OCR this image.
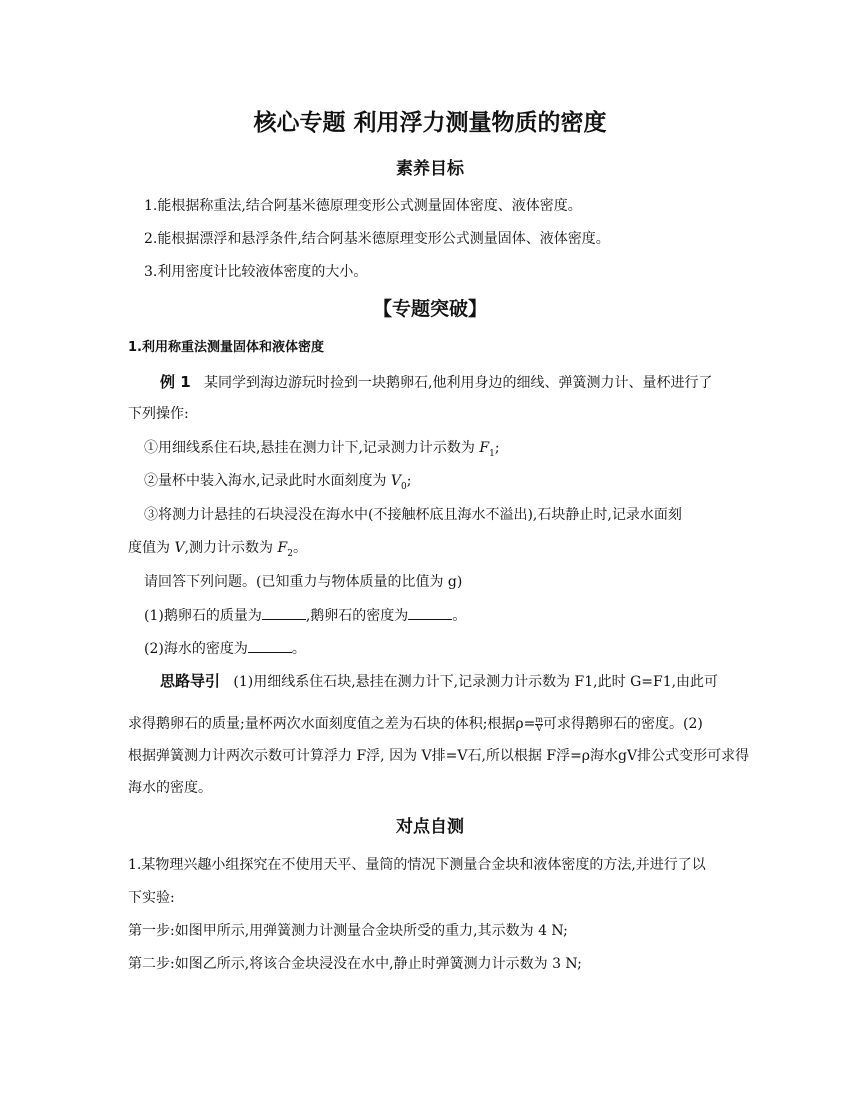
核心专题 利用浮力测量物质的密度
素养目标
1.能根据称重法,结合阿基米德原理变形公式测量固体密度、液体密度。
2.能根据漂浮和悬浮条件,结合阿基米德原理变形公式测量固体、液体密度。
3.利用密度计比较液体密度的大小。
【专题突破】
1.利用称重法测量固体和液体密度
例 1 某同学到海边游玩时捡到一块鹅卵石,他利用身边的细线、弹簧测力计、量杯进行了
下列操作:
①用细线系住石块,悬挂在测力计下,记录测力计示数为 $F_1$;
②量杯中装入海水,记录此时水面刻度为 $V_0$;
③将测力计悬挂的石块浸没在海水中(不接触杯底且海水不溢出),石块静止时,记录水面刻
度值为 V,测力计示数为 $F_2$。
请回答下列问题。(已知重力与物体质量的比值为 g)
(1)鹅卵石的质量为	,鹅卵石的密度为	。
(2)海水的密度为	。
思路导引 (1)用细线系住石块,悬挂在测力计下,记录测力计示数为 F1,此时 G=F1,由此可
求得鹅卵石的质量;量杯两次水面刻度值之差为石块的体积;根据$\rho= \frac{m}{V}$ 可求得鹅卵石的密度。(2)
根据弹簧测力计两次示数可计算浮力 F浮, 因为 V排=V石,所以根据 F浮=ρ海水gV排公式变形可求得
海水的密度。
对点自测
1.某物理兴趣小组探究在不使用天平、量筒的情况下测量合金块和液体密度的方法,并进行了以
下实验:
第一步:如图甲所示,用弹簧测力计测量合金块所受的重力,其示数为 4 N;
第二步:如图乙所示,将该合金块浸没在水中,静止时弹簧测力计示数为 3 N;
